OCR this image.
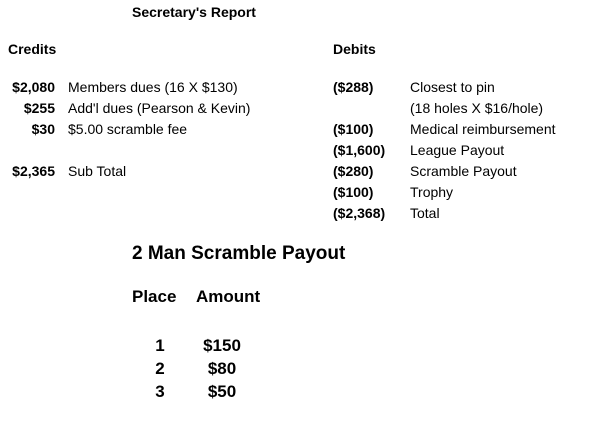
Secretary's Report
Credits
$2,080 Members dues (16 X $130)
$255 Add'l dues (Pearson & Kevin)
$30 $5.00 scramble fee
$2,365 Sub Total
Debits
($288)	Closest to pin
(18 holes X $16/hole)
($100)	Medical reimbursement
($1,600) League Payout
($280)	Scramble Payout
($100)	Trophy
($2,368) Total
2 Man Scramble Payout
Place Amount
1	$150
2	$80
3	$50
